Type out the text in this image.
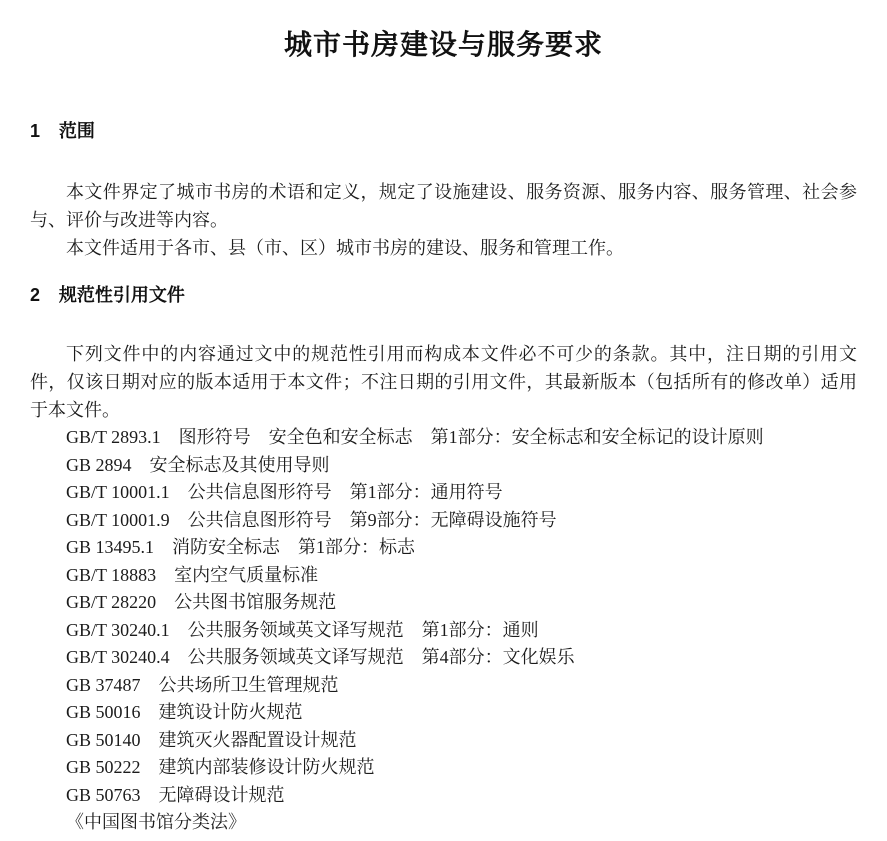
城市书房建设与服务要求
1 范围

本文件界定了城市书房的术语和定义，规定了设施建设、服务资源、服务内容、服务管理、社会参与、评价与改进等内容。

本文件适用于各市、县（市、区）城市书房的建设、服务和管理工作。

2 规范性引用文件

下列文件中的内容通过文中的规范性引用而构成本文件必不可少的条款。其中，注日期的引用文件，仅该日期对应的版本适用于本文件；不注日期的引用文件，其最新版本（包括所有的修改单）适用于本文件。

GB/T 2893.1　图形符号　安全色和安全标志　第1部分：安全标志和安全标记的设计原则
GB 2894　安全标志及其使用导则
GB/T 10001.1　公共信息图形符号　第1部分：通用符号
GB/T 10001.9　公共信息图形符号　第9部分：无障碍设施符号
GB 13495.1　消防安全标志　第1部分：标志
GB/T 18883　室内空气质量标准
GB/T 28220　公共图书馆服务规范
GB/T 30240.1　公共服务领域英文译写规范　第1部分：通则
GB/T 30240.4　公共服务领域英文译写规范　第4部分：文化娱乐
GB 37487　公共场所卫生管理规范
GB 50016　建筑设计防火规范
GB 50140　建筑灭火器配置设计规范
GB 50222　建筑内部装修设计防火规范
GB 50763　无障碍设计规范
《中国图书馆分类法》
